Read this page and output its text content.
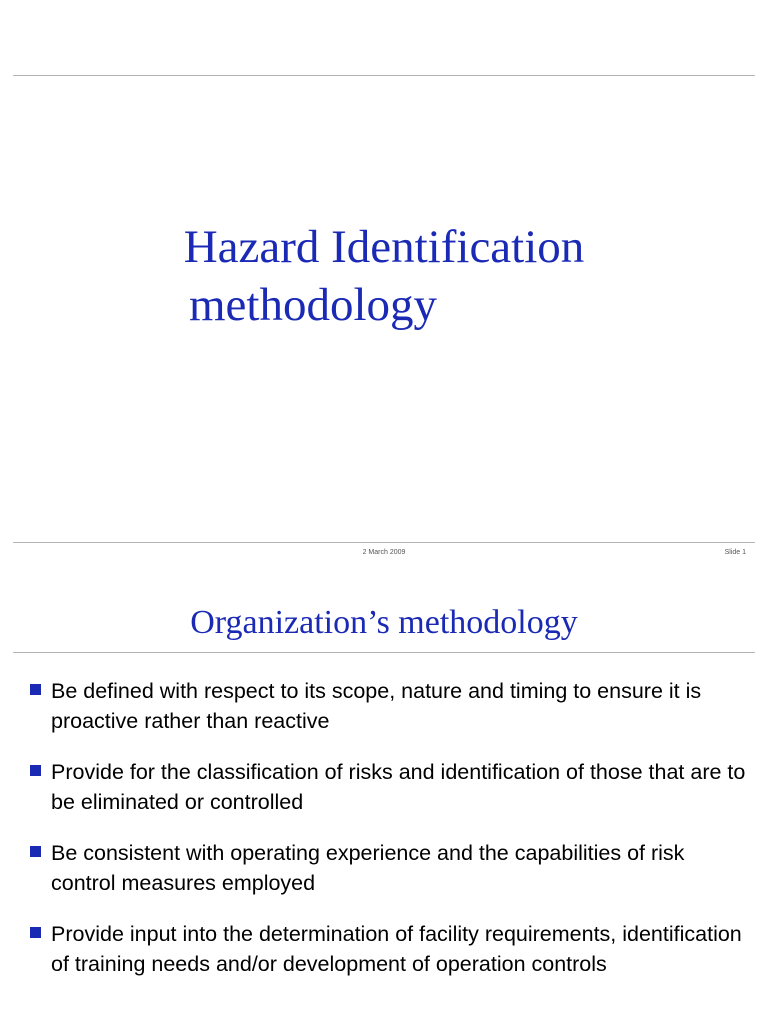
Hazard Identification
methodology
2 March 2009	Slide 1
Organization’s methodology
Be defined with respect to its scope, nature and timing to ensure it is proactive rather than reactive
Provide for the classification of risks and identification of those that are to be eliminated or controlled
Be consistent with operating experience and the capabilities of risk control measures employed
Provide input into the determination of facility requirements, identification of training needs and/or development of operation controls
